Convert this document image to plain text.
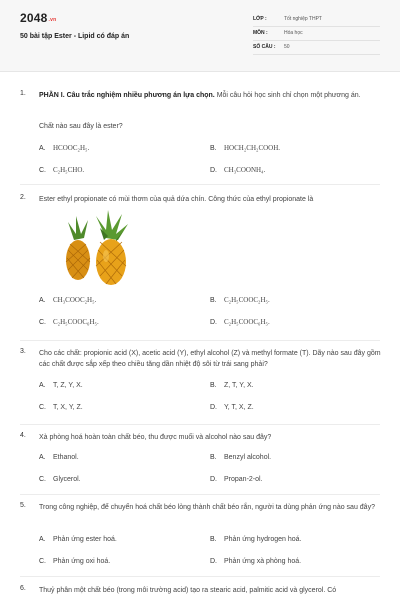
2048.vn
50 bài tập Ester - Lipid có đáp án
LỚP :	Tốt nghiệp THPT
MÔN :	Hóa học
SỐ CÂU : 50
1. PHẦN I. Câu trắc nghiệm nhiều phương án lựa chọn. Mỗi câu hỏi học sinh chỉ chọn một phương án.
Chất nào sau đây là ester?
A. HCOOC₂H₅.	B. HOCH₂CH₂COOH.
C. C₂H₅CHO.	D. CH₃COONH₄.
2. Ester ethyl propionate có mùi thơm của quả dứa chín. Công thức của ethyl propionate là
A. CH₃COOC₂H₅.	B. C₂H₅COOC₂H₅.
C. C₂H₅COOC₆H₅.	D. C₂H₅COOC₆H₅.
3. Cho các chất: propionic acid (X), acetic acid (Y), ethyl alcohol (Z) và methyl formate (T). Dãy nào sau đây gồm các chất được sắp xếp theo chiều tăng dần nhiệt độ sôi từ trái sang phải?
A. T, Z, Y, X.	B. Z, T, Y, X.
C. T, X, Y, Z.	D. Y, T, X, Z.
4. Xà phòng hoá hoàn toàn chất béo, thu được muối và alcohol nào sau đây?
A. Ethanol.	B. Benzyl alcohol.
C. Glycerol.	D. Propan-2-ol.
5. Trong công nghiệp, để chuyển hoá chất béo lỏng thành chất béo rắn, người ta dùng phản ứng nào sau đây?
A. Phản ứng ester hoá.	B. Phản ứng hydrogen hoá.
C. Phản ứng oxi hoá.	D. Phản ứng xà phòng hoá.
6. Thuỷ phân một chất béo (trong môi trường acid) tạo ra stearic acid, palmitic acid và glycerol. Có
